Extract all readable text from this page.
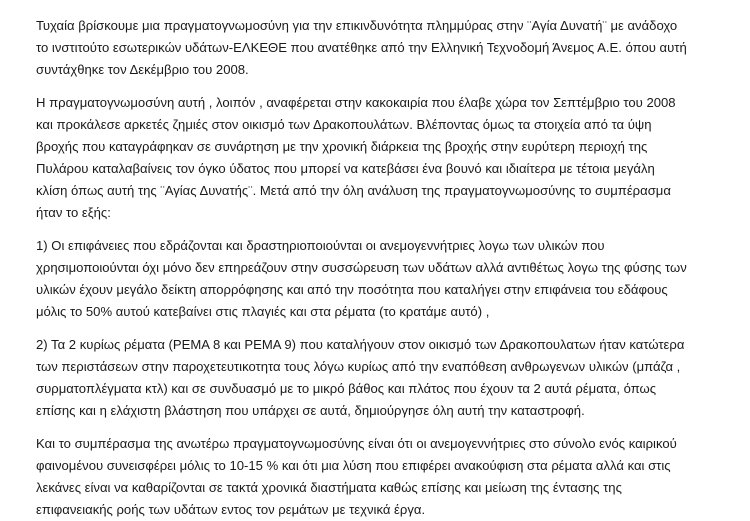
Τυχαία βρίσκουμε μια πραγματογνωμοσύνη για την επικινδυνότητα πλημμύρας στην ¨Αγία Δυνατή¨ με ανάδοχο
το ινστιτούτο εσωτερικών υδάτων-ΕΛΚΕΘΕ που ανατέθηκε από την Ελληνική Τεχνοδομή Άνεμος Α.Ε. όπου αυτή
συντάχθηκε τον Δεκέμβριο του 2008.

Η πραγματογνωμοσύνη αυτή , λοιπόν , αναφέρεται στην κακοκαιρία που έλαβε χώρα τον Σεπτέμβριο του 2008
και προκάλεσε αρκετές ζημιές στον οικισμό των Δρακοπουλάτων. Βλέποντας όμως τα στοιχεία από τα ύψη
βροχής που καταγράφηκαν σε συνάρτηση με την χρονική διάρκεια της βροχής στην ευρύτερη περιοχή της
Πυλάρου καταλαβαίνεις τον όγκο ύδατος που μπορεί να κατεβάσει ένα βουνό και ιδιαίτερα με τέτοια μεγάλη
κλίση όπως αυτή της ¨Αγίας Δυνατής¨. Μετά από την όλη ανάλυση της πραγματογνωμοσύνης το συμπέρασμα
ήταν το εξής:

1) Οι επιφάνειες που εδράζονται και δραστηριοποιούνται οι ανεμογεννήτριες λογω των υλικών που
χρησιμοποιούνται όχι μόνο δεν επηρεάζουν στην συσσώρευση των υδάτων αλλά αντιθέτως λογω της φύσης των
υλικών έχουν μεγάλο δείκτη απορρόφησης και από την ποσότητα που καταλήγει στην επιφάνεια του εδάφους
μόλις το 50% αυτού κατεβαίνει στις πλαγιές και στα ρέματα (το κρατάμε αυτό) ,

2) Τα 2 κυρίως ρέματα (ΡΕΜΑ 8 και ΡΕΜΑ 9) που καταλήγουν στον οικισμό των Δρακοπουλατων ήταν κατώτερα
των περιστάσεων στην παροχετευτικοτητα τους λόγω κυρίως από την εναπόθεση ανθρωγενων υλικών (μπάζα ,
συρματοπλέγματα κτλ) και σε συνδυασμό με το μικρό βάθος και πλάτος που έχουν τα 2 αυτά ρέματα, όπως
επίσης και η ελάχιστη βλάστηση που υπάρχει σε αυτά, δημιούργησε όλη αυτή την καταστροφή.

Και το συμπέρασμα της ανωτέρω πραγματογνωμοσύνης είναι ότι οι ανεμογεννήτριες στο σύνολο ενός καιρικού
φαινομένου συνεισφέρει μόλις το 10-15 % και ότι μια λύση που επιφέρει ανακούφιση στα ρέματα αλλά και στις
λεκάνες είναι να καθαρίζονται σε τακτά χρονικά διαστήματα καθώς επίσης και μείωση της έντασης της
επιφανειακής ροής των υδάτων εντος τον ρεμάτων με τεχνικά έργα.
